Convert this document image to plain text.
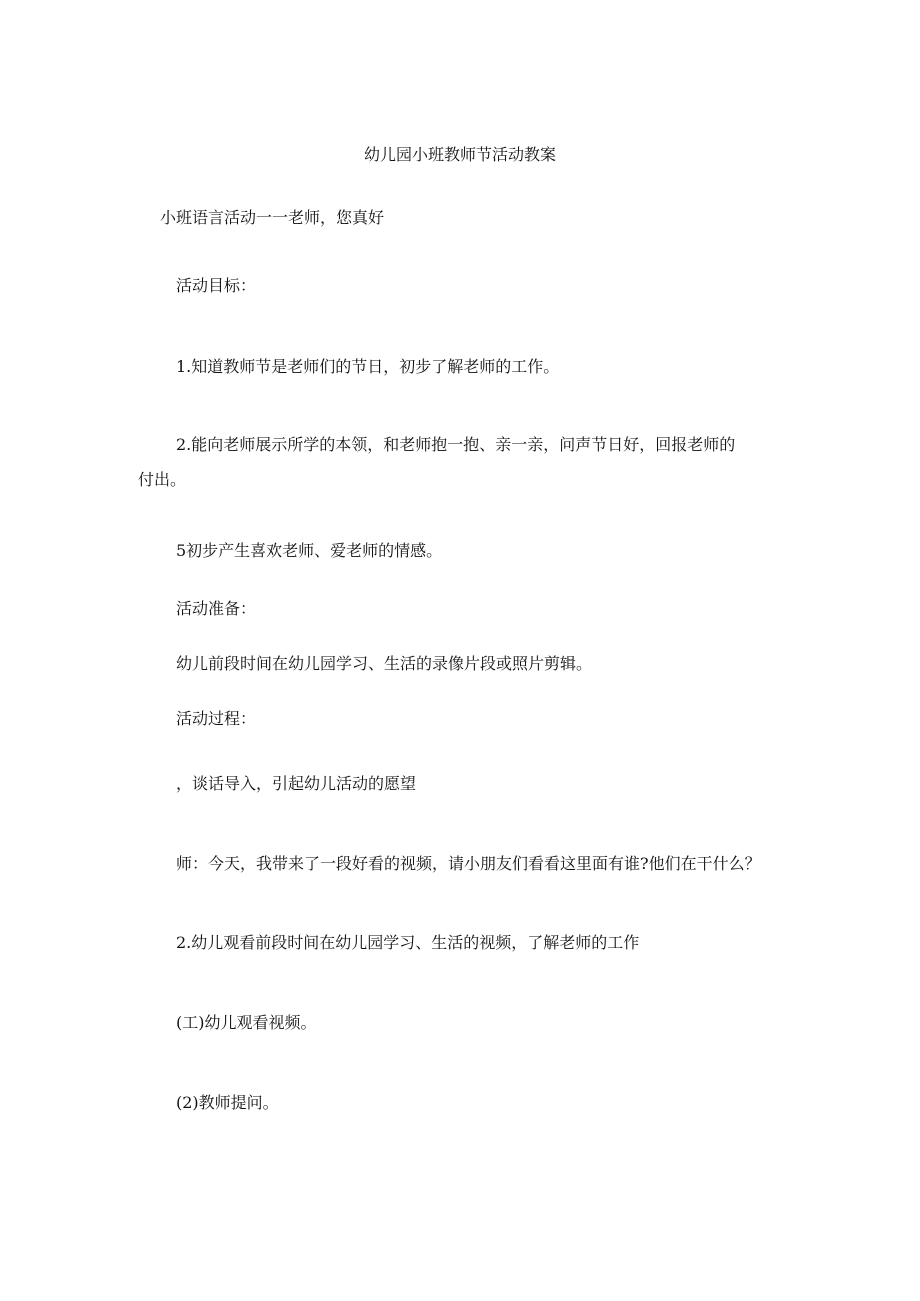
幼儿园小班教师节活动教案
小班语言活动一一老师，您真好
活动目标：
1.知道教师节是老师们的节日，初步了解老师的工作。
2.能向老师展示所学的本领，和老师抱一抱、亲一亲，问声节日好，回报老师的
付出。
5初步产生喜欢老师、爱老师的情感。
活动准备：
幼儿前段时间在幼儿园学习、生活的录像片段或照片剪辑。
活动过程：
，谈话导入，引起幼儿活动的愿望
师：今天，我带来了一段好看的视频，请小朋友们看看这里面有谁?他们在干什么？
2.幼儿观看前段时间在幼儿园学习、生活的视频，了解老师的工作
(工)幼儿观看视频。
(2)教师提问。
